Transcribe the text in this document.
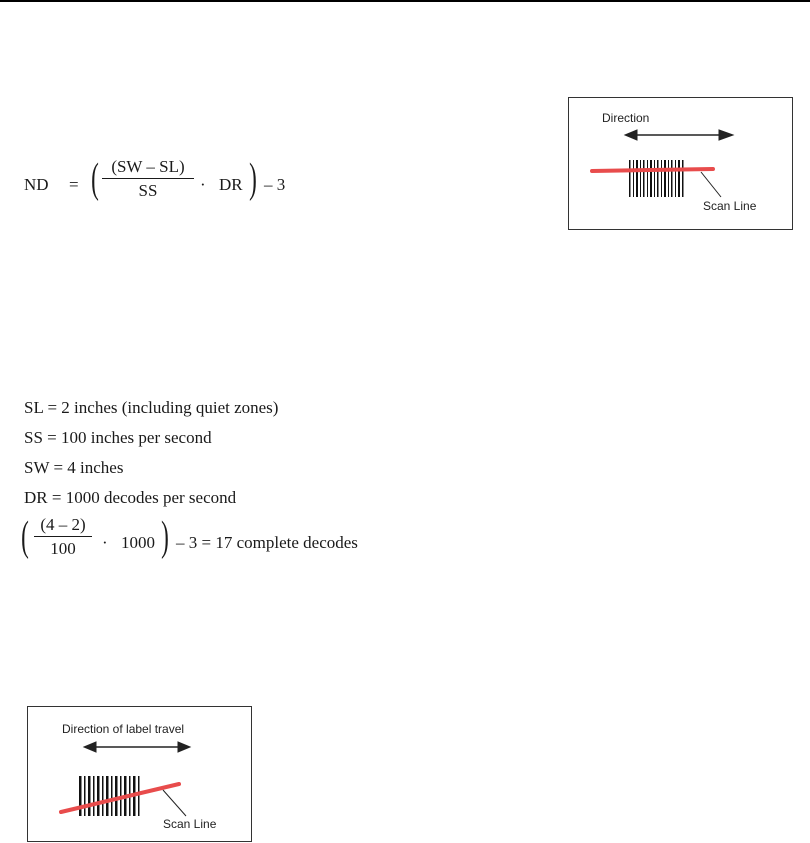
ND = ( (SW – SL)
SS	· DR ) – 3
Direction
Scan Line
SL = 2 inches (including quiet zones)
SS = 100 inches per second
SW = 4 inches
DR = 1000 decodes per second
( (4 – 2)
100	· 1000 ) – 3 = 17 complete decodes
Direction of label travel
Scan Line
